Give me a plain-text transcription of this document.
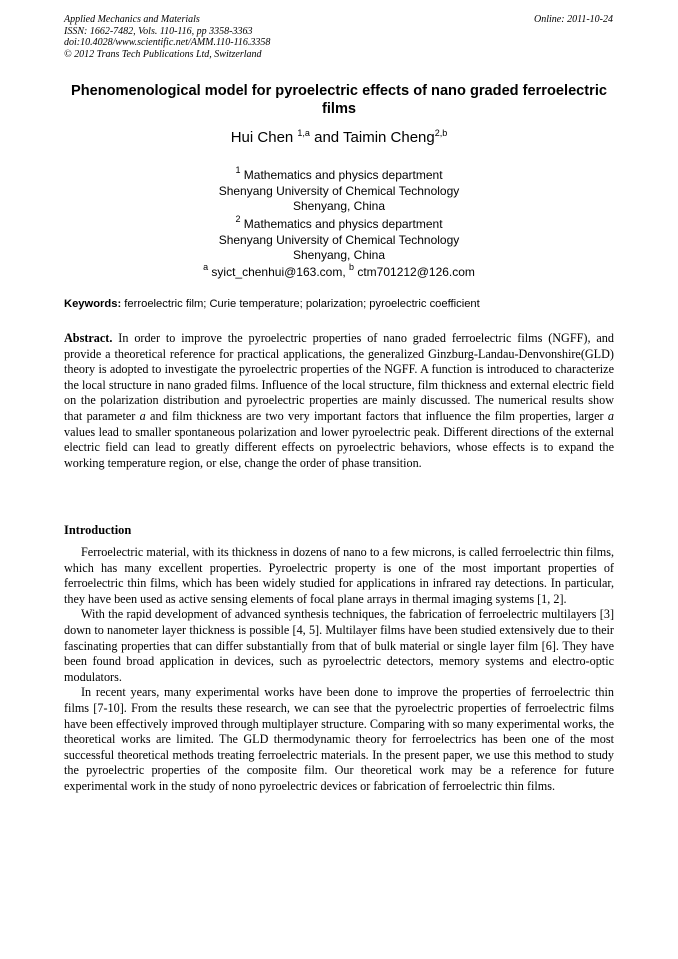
Applied Mechanics and Materials
ISSN: 1662-7482, Vols. 110-116, pp 3358-3363
doi:10.4028/www.scientific.net/AMM.110-116.3358
© 2012 Trans Tech Publications Ltd, Switzerland
Online: 2011-10-24
Phenomenological model for pyroelectric effects of nano graded ferroelectric films
Hui Chen $^{1,a}$ and Taimin Cheng$^{2,b}$
$^1$ Mathematics and physics department
Shenyang University of Chemical Technology
Shenyang, China
$^2$ Mathematics and physics department
Shenyang University of Chemical Technology
Shenyang, China
$^a$ syict_chenhui@163.com, $^b$ ctm701212@126.com
Keywords: ferroelectric film; Curie temperature; polarization; pyroelectric coefficient
Abstract. In order to improve the pyroelectric properties of nano graded ferroelectric films (NGFF), and provide a theoretical reference for practical applications, the generalized Ginzburg-Landau-Denvonshire(GLD) theory is adopted to investigate the pyroelectric properties of the NGFF. A function is introduced to characterize the local structure in nano graded films. Influence of the local structure, film thickness and external electric field on the polarization distribution and pyroelectric properties are mainly discussed. The numerical results show that parameter a and film thickness are two very important factors that influence the film properties, larger a values lead to smaller spontaneous polarization and lower pyroelectric peak. Different directions of the external electric field can lead to greatly different effects on pyroelectric behaviors, whose effects is to expand the working temperature region, or else, change the order of phase transition.
Introduction

Ferroelectric material, with its thickness in dozens of nano to a few microns, is called ferroelectric thin films, which has many excellent properties. Pyroelectric property is one of the most important properties of ferroelectric thin films, which has been widely studied for applications in infrared ray detections. In particular, they have been used as active sensing elements of focal plane arrays in thermal imaging systems [1, 2].

With the rapid development of advanced synthesis techniques, the fabrication of ferroelectric multilayers [3] down to nanometer layer thickness is possible [4, 5]. Multilayer films have been studied extensively due to their fascinating properties that can differ substantially from that of bulk material or single layer film [6]. They have been found broad application in devices, such as pyroelectric detectors, memory systems and electro-optic modulators.

In recent years, many experimental works have been done to improve the properties of ferroelectric thin films [7-10]. From the results these research, we can see that the pyroelectric properties of ferroelectric films have been effectively improved through multiplayer structure. Comparing with so many experimental works, the theoretical works are limited. The GLD thermodynamic theory for ferroelectrics has been one of the most successful theoretical methods treating ferroelectric materials. In the present paper, we use this method to study the pyroelectric properties of the composite film. Our theoretical work may be a reference for future experimental work in the study of nono pyroelectric devices or fabrication of ferroelectric thin films.
